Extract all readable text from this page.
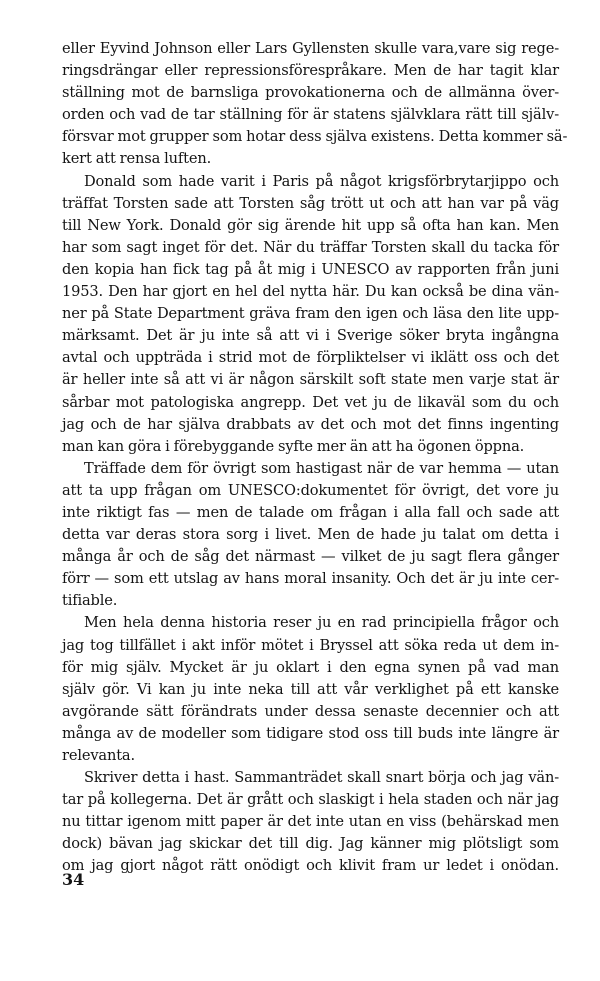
eller Eyvind Johnson eller Lars Gyllensten skulle vara,vare sig rege-
ringsdrängar eller repressionsförespråkare. Men de har tagit klar
ställning mot de barnsliga provokationerna och de allmänna över-
orden och vad de tar ställning för är statens självklara rätt till själv-
försvar mot grupper som hotar dess själva existens. Detta kommer sä-
kert att rensa luften.
Donald som hade varit i Paris på något krigsförbrytarjippo och
träffat Torsten sade att Torsten såg trött ut och att han var på väg
till New York. Donald gör sig ärende hit upp så ofta han kan. Men
har som sagt inget för det. När du träffar Torsten skall du tacka för
den kopia han fick tag på åt mig i UNESCO av rapporten från juni
1953. Den har gjort en hel del nytta här. Du kan också be dina vän-
ner på State Department gräva fram den igen och läsa den lite upp-
märksamt. Det är ju inte så att vi i Sverige söker bryta ingångna
avtal och uppträda i strid mot de förpliktelser vi iklätt oss och det
är heller inte så att vi är någon särskilt soft state men varje stat är
sårbar mot patologiska angrepp. Det vet ju de likaväl som du och
jag och de har själva drabbats av det och mot det finns ingenting
man kan göra i förebyggande syfte mer än att ha ögonen öppna.
Träffade dem för övrigt som hastigast när de var hemma — utan
att ta upp frågan om UNESCO:dokumentet för övrigt, det vore ju
inte riktigt fas — men de talade om frågan i alla fall och sade att
detta var deras stora sorg i livet. Men de hade ju talat om detta i
många år och de såg det närmast — vilket de ju sagt flera gånger
förr — som ett utslag av hans moral insanity. Och det är ju inte cer-
tifiable.
Men hela denna historia reser ju en rad principiella frågor och
jag tog tillfället i akt inför mötet i Bryssel att söka reda ut dem in-
för mig själv. Mycket är ju oklart i den egna synen på vad man
själv gör. Vi kan ju inte neka till att vår verklighet på ett kanske
avgörande sätt förändrats under dessa senaste decennier och att
många av de modeller som tidigare stod oss till buds inte längre är
relevanta.
Skriver detta i hast. Sammanträdet skall snart börja och jag vän-
tar på kollegerna. Det är grått och slaskigt i hela staden och när jag
nu tittar igenom mitt paper är det inte utan en viss (behärskad men
dock) bävan jag skickar det till dig. Jag känner mig plötsligt som
om jag gjort något rätt onödigt och klivit fram ur ledet i onödan.
34
